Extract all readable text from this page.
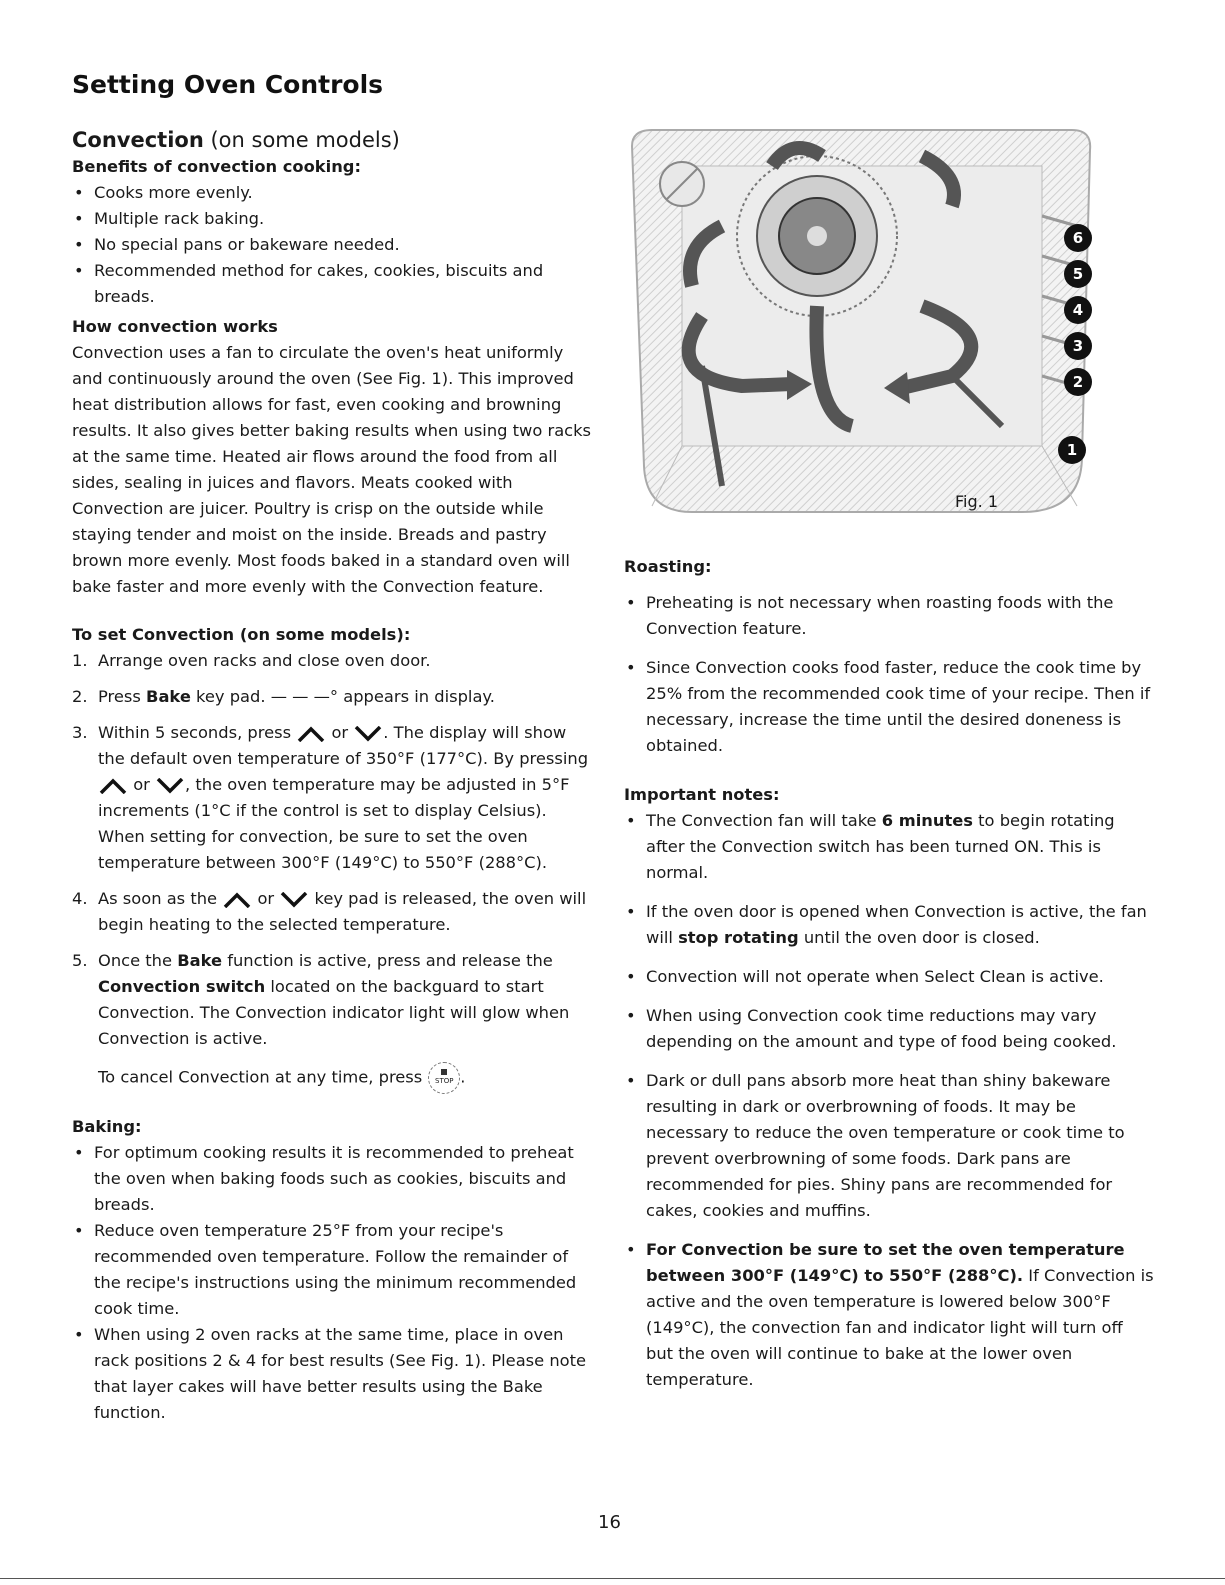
Setting Oven Controls

Convection (on some models)

Benefits of convection cooking:

• Cooks more evenly.
• Multiple rack baking.
• No special pans or bakeware needed.
• Recommended method for cakes, cookies, biscuits and breads.

How convection works

Convection uses a fan to circulate the oven's heat uniformly and continuously around the oven (See Fig. 1). This improved heat distribution allows for fast, even cooking and browning results. It also gives better baking results when using two racks at the same time. Heated air flows around the food from all sides, sealing in juices and flavors. Meats cooked with Convection are juicer. Poultry is crisp on the outside while staying tender and moist on the inside. Breads and pastry brown more evenly. Most foods baked in a standard oven will bake faster and more evenly with the Convection feature.

To set Convection (on some models):

1. Arrange oven racks and close oven door.
2. Press Bake key pad. — — —° appears in display.
3. Within 5 seconds, press or . The display will show the default oven temperature of 350°F (177°C). By pressing  or , the oven temperature may be adjusted in 5°F increments (1°C if the control is set to display Celsius). When setting for convection, be sure to set the oven temperature between 300°F (149°C) to 550°F (288°C).
4. As soon as the or key pad is released, the oven will begin heating to the selected temperature.
5. Once the Bake function is active, press and release the Convection switch located on the backguard to start Convection. The Convection indicator light will glow when Convection is active.

To cancel Convection at any time, press STOP .

Baking:

• For optimum cooking results it is recommended to preheat the oven when baking foods such as cookies, biscuits and breads.
• Reduce oven temperature 25°F from your recipe's recommended oven temperature. Follow the remainder of the recipe's instructions using the minimum recommended cook time.
• When using 2 oven racks at the same time, place in oven rack positions 2 & 4 for best results (See Fig. 1). Please note that layer cakes will have better results using the Bake function.
6
5
4
3
2
1
Fig. 1

Roasting:

• Preheating is not necessary when roasting foods with the Convection feature.
• Since Convection cooks food faster, reduce the cook time by 25% from the recommended cook time of your recipe. Then if necessary, increase the time until the desired doneness is obtained.

Important notes:

• The Convection fan will take 6 minutes to begin rotating after the Convection switch has been turned ON. This is normal.
• If the oven door is opened when Convection is active, the fan will stop rotating until the oven door is closed.
• Convection will not operate when Select Clean is active.
• When using Convection cook time reductions may vary depending on the amount and type of food being cooked.
• Dark or dull pans absorb more heat than shiny bakeware resulting in dark or overbrowning of foods. It may be necessary to reduce the oven temperature or cook time to prevent overbrowning of some foods. Dark pans are recommended for pies. Shiny pans are recommended for cakes, cookies and muffins.
• For Convection be sure to set the oven temperature between 300°F (149°C) to 550°F (288°C). If Convection is active and the oven temperature is lowered below 300°F (149°C), the convection fan and indicator light will turn off but the oven will continue to bake at the lower oven temperature.
16
